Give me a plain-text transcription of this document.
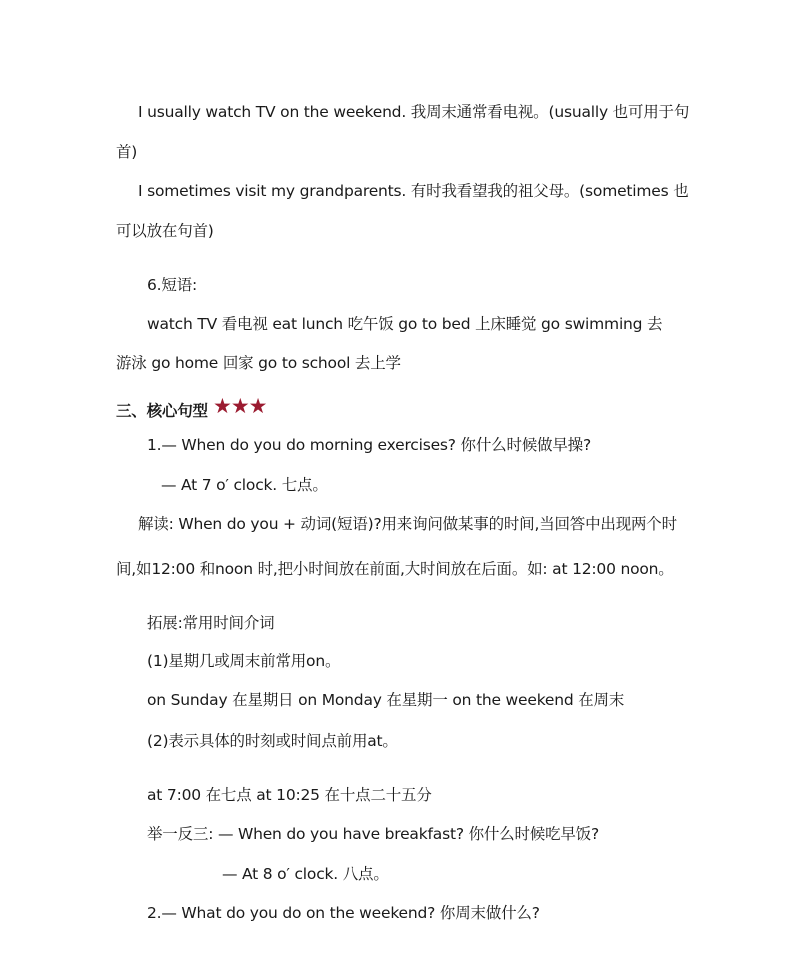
I usually watch TV on the weekend. 我周末通常看电视。(usually 也可用于句
首)
I sometimes visit my grandparents. 有时我看望我的祖父母。(sometimes 也
可以放在句首)
6.短语:
watch TV 看电视 eat lunch 吃午饭 go to bed 上床睡觉 go swimming 去
游泳 go home 回家 go to school 去上学
三、核心句型 ★★★
1.— When do you do morning exercises? 你什么时候做早操?
— At 7 o′ clock. 七点。
解读: When do you + 动词(短语)?用来询问做某事的时间,当回答中出现两个时
间,如12:00 和noon 时,把小时间放在前面,大时间放在后面。如: at 12:00 noon。
拓展:常用时间介词
(1)星期几或周末前常用on。
on Sunday 在星期日 on Monday 在星期一 on the weekend 在周末
(2)表示具体的时刻或时间点前用at。
at 7:00 在七点 at 10:25 在十点二十五分
举一反三: — When do you have breakfast? 你什么时候吃早饭?
— At 8 o′ clock. 八点。
2.— What do you do on the weekend? 你周末做什么?
